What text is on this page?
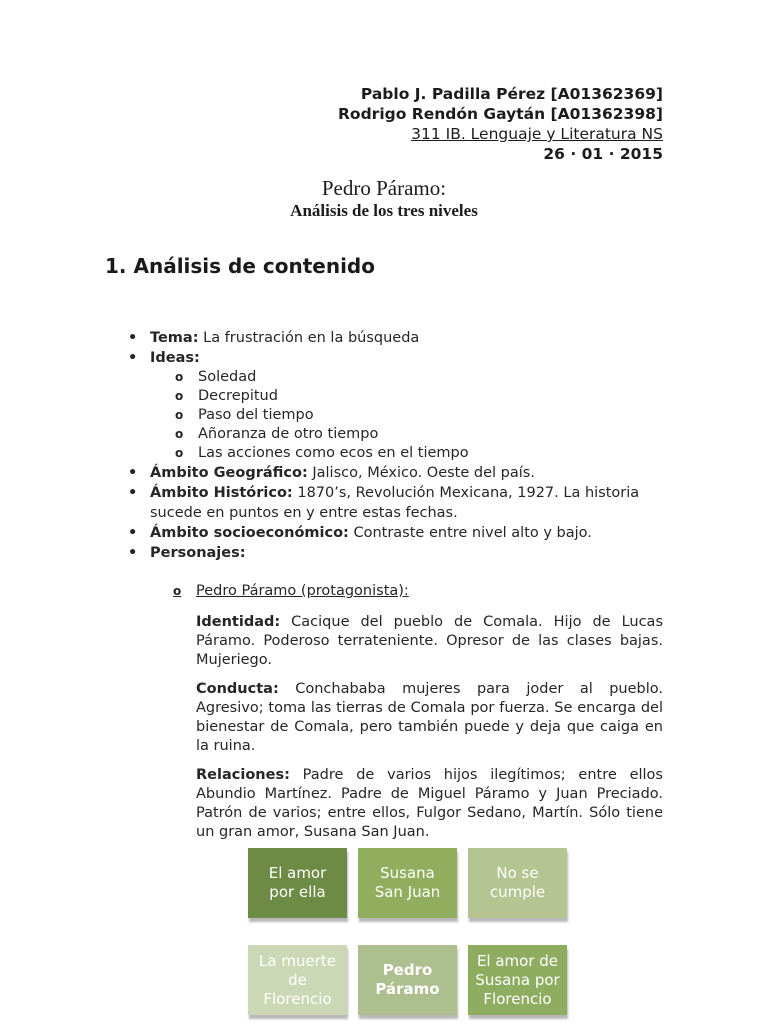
Pablo J. Padilla Pérez [A01362369]
Rodrigo Rendón Gaytán [A01362398]
311 IB. Lenguaje y Literatura NS
26 · 01 · 2015
Pedro Páramo:
Análisis de los tres niveles
1. Análisis de contenido
• Tema: La frustración en la búsqueda
• Ideas:
o	Soledad
o	Decrepitud
o	Paso del tiempo
o	Añoranza de otro tiempo
o	Las acciones como ecos en el tiempo
• Ámbito Geográfico: Jalisco, México. Oeste del país.
• Ámbito Histórico: 1870’s, Revolución Mexicana, 1927. La historia sucede en puntos en y entre estas fechas.
• Ámbito socioeconómico: Contraste entre nivel alto y bajo.
• Personajes:
o	Pedro Páramo (protagonista):
Identidad: Cacique del pueblo de Comala. Hijo de Lucas Páramo. Poderoso terrateniente. Opresor de las clases bajas. Mujeriego.
Conducta: Conchababa mujeres para joder al pueblo. Agresivo; toma las tierras de Comala por fuerza. Se encarga del bienestar de Comala, pero también puede y deja que caiga en la ruina.
Relaciones: Padre de varios hijos ilegítimos; entre ellos Abundio Martínez. Padre de Miguel Páramo y Juan Preciado. Patrón de varios; entre ellos, Fulgor Sedano, Martín. Sólo tiene un gran amor, Susana San Juan.
El amor por ella
Susana San Juan
No se cumple
La muerte de Florencio
Pedro Páramo
El amor de Susana por Florencio
